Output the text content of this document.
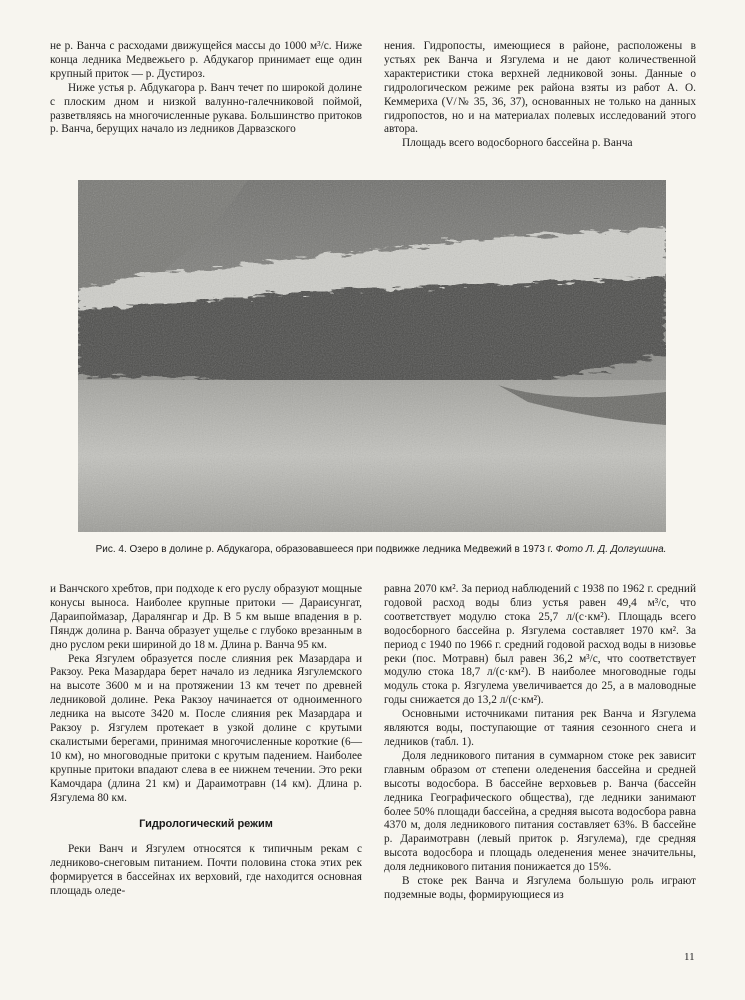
не р. Ванча с расходами движущейся массы до 1000 м³/с. Ниже конца ледника Медвежьего р. Абдукагор принимает еще один крупный приток — р. Дустироз.

Ниже устья р. Абдукагора р. Ванч течет по широкой долине с плоским дном и низкой валунно-галечниковой поймой, разветвляясь на многочисленные рукава. Большинство притоков р. Ванча, берущих начало из ледников Дарвазского

нения. Гидропосты, имеющиеся в районе, расположены в устьях рек Ванча и Язгулема и не дают количественной характеристики стока верхней ледниковой зоны. Данные о гидрологическом режиме рек района взяты из работ А. О. Кеммериха (V/№ 35, 36, 37), основанных не только на данных гидропостов, но и на материалах полевых исследований этого автора.

Площадь всего водосборного бассейна р. Ванча

Рис. 4. Озеро в долине р. Абдукагора, образовавшееся при подвижке ледника Медвежий в 1973 г. Фото Л. Д. Долгушина.

и Ванчского хребтов, при подходе к его руслу образуют мощные конусы выноса. Наиболее крупные притоки — Дараисунгат, Дараипоймазар, Даралянгар и Др. В 5 км выше впадения в р. Пяндж долина р. Ванча образует ущелье с глубоко врезанным в дно руслом реки шириной до 18 м. Длина р. Ванча 95 км.

Река Язгулем образуется после слияния рек Мазардара и Ракзоу. Река Мазардара берет начало из ледника Язгулемского на высоте 3600 м и на протяжении 13 км течет по древней ледниковой долине. Река Ракзоу начинается от одноименного ледника на высоте 3420 м. После слияния рек Мазардара и Ракзоу р. Язгулем протекает в узкой долине с крутыми скалистыми берегами, принимая многочисленные короткие (6—10 км), но многоводные притоки с крутым падением. Наиболее крупные притоки впадают слева в ее нижнем течении. Это реки Камочдара (длина 21 км) и Дараимотравн (14 км). Длина р. Язгулема 80 км.

Гидрологический режим

Реки Ванч и Язгулем относятся к типичным рекам с ледниково-снеговым питанием. Почти половина стока этих рек формируется в бассейнах их верховий, где находится основная площадь оледе-

равна 2070 км². За период наблюдений с 1938 по 1962 г. средний годовой расход воды близ устья равен 49,4 м³/с, что соответствует модулю стока 25,7 л/(с·км²). Площадь всего водосборного бассейна р. Язгулема составляет 1970 км². За период с 1940 по 1966 г. средний годовой расход воды в низовье реки (пос. Мотравн) был равен 36,2 м³/с, что соответствует модулю стока 18,7 л/(с·км²). В наиболее многоводные годы модуль стока р. Язгулема увеличивается до 25, а в маловодные годы снижается до 13,2 л/(с·км²).

Основными источниками питания рек Ванча и Язгулема являются воды, поступающие от таяния сезонного снега и ледников (табл. 1).

Доля ледникового питания в суммарном стоке рек зависит главным образом от степени оледенения бассейна и средней высоты водосбора. В бассейне верховьев р. Ванча (бассейн ледника Географического общества), где ледники занимают более 50% площади бассейна, а средняя высота водосбора равна 4370 м, доля ледникового питания составляет 63%. В бассейне р. Дараимотравн (левый приток р. Язгулема), где средняя высота водосбора и площадь оледенения менее значительны, доля ледникового питания понижается до 15%.

В стоке рек Ванча и Язгулема большую роль играют подземные воды, формирующиеся из

11
